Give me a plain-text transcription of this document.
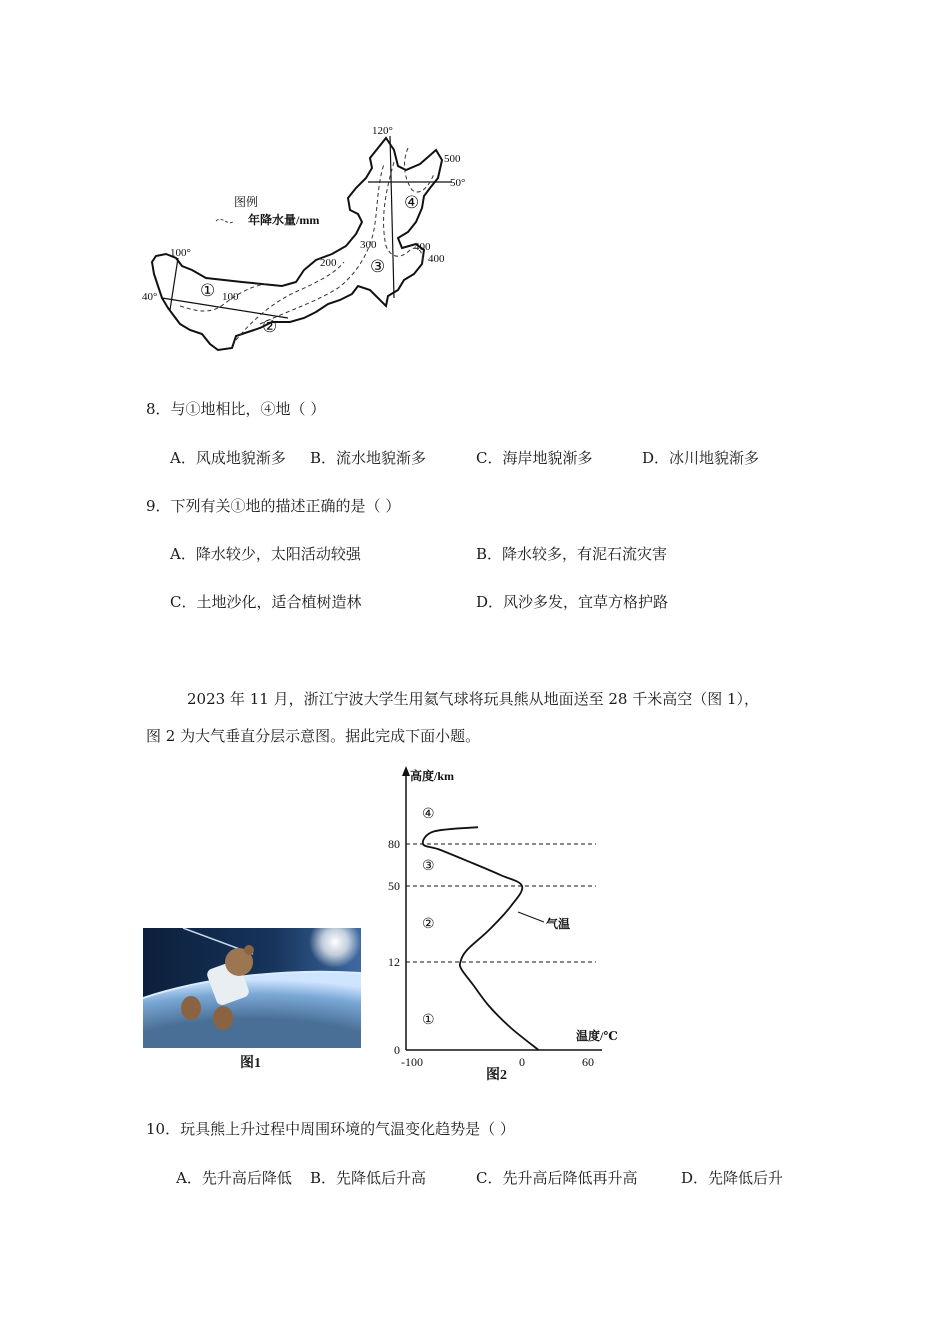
图例
年降水量/mm
120°
500
50°
400
400
300
200
100
100°
40°
④
③
①
②
8．与①地相比，④地（ ）
A．风成地貌渐多 B．流水地貌渐多	C．海岸地貌渐多	D．冰川地貌渐多
9．下列有关①地的描述正确的是（ ）
A．降水较少，太阳活动较强	B．降水较多，有泥石流灾害
C．土地沙化，适合植树造林	D．风沙多发，宜草方格护路
2023 年 11 月，浙江宁波大学生用氦气球将玩具熊从地面送至 28 千米高空（图 1），
图 2 为大气垂直分层示意图。据此完成下面小题。
图1
高度/km
温度/℃
气温
0
12
50
80
-100	0	60
④
③
②
①
图2
10．玩具熊上升过程中周围环境的气温变化趋势是（ ）
A．先升高后降低 B．先降低后升高	C．先升高后降低再升高	D．先降低后升
